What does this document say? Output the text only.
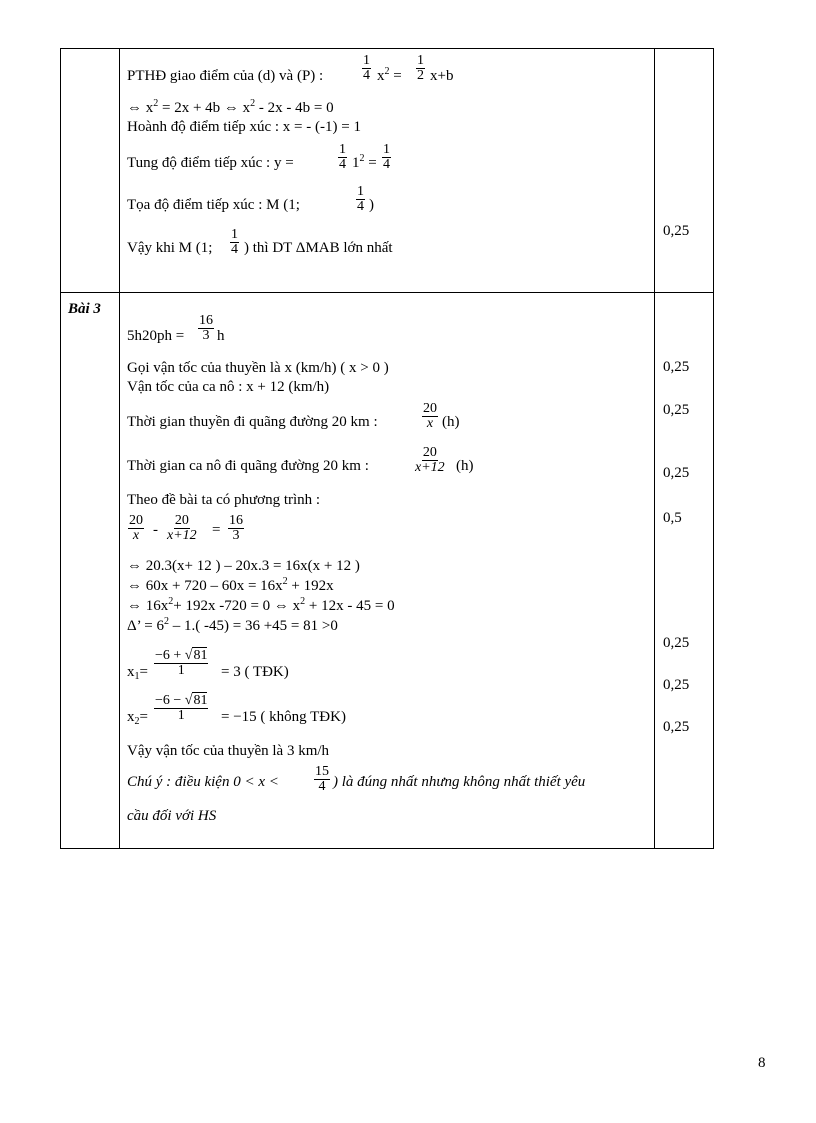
PTHĐ giao điểm của (d) và (P) :
1
4 $x^2$ =
1
2 x+b
⇔ $x^2 = 2x + 4b$ ⇔ $x^2 - 2x - 4b = 0$
Hoành độ điểm tiếp xúc : x = - (-1) = 1
Tung độ điểm tiếp xúc : y =
1
4 $1^2$ =
1
4
Tọa độ điểm tiếp xúc : M (1;
1
4 )
Vậy khi M (1;
1
4 ) thì DT ΔMAB lớn nhất
0,25
Bài 3
5h20ph =
16
3 h
Gọi vận tốc của thuyền là x (km/h) ( x > 0 )
Vận tốc của ca nô : x + 12 (km/h)
Thời gian thuyền đi quãng đường 20 km :
20
x (h)
Thời gian ca nô đi quãng đường 20 km :
20
x+12 (h)
Theo đề bài ta có phương trình :
20
x -
20
x+12 =
16
3
⇔ 20.3(x+ 12 ) – 20x.3 = 16x(x + 12 )
⇔ $60x + 720 - 60x = 16x^2 + 192x$
⇔ $16x^2+ 192x$ -720 = 0 ⇔ $x^2 + 12x - 45 = 0$
Δ’ = $6^2 - 1$.( -45) = 36 +45 = 81 >0
$x_1=$
−6 + √81
1 = 3 ( TĐK)
$x_2=$
−6 − √81
1 = −15 ( không TĐK)
Vậy vận tốc của thuyền là 3 km/h
Chú ý : điều kiện 0 < x <
15
4 ) là đúng nhất nhưng không nhất thiết yêu
cầu đối với HS
0,25
0,25
0,25
0,5
0,25
0,25
0,25
8
